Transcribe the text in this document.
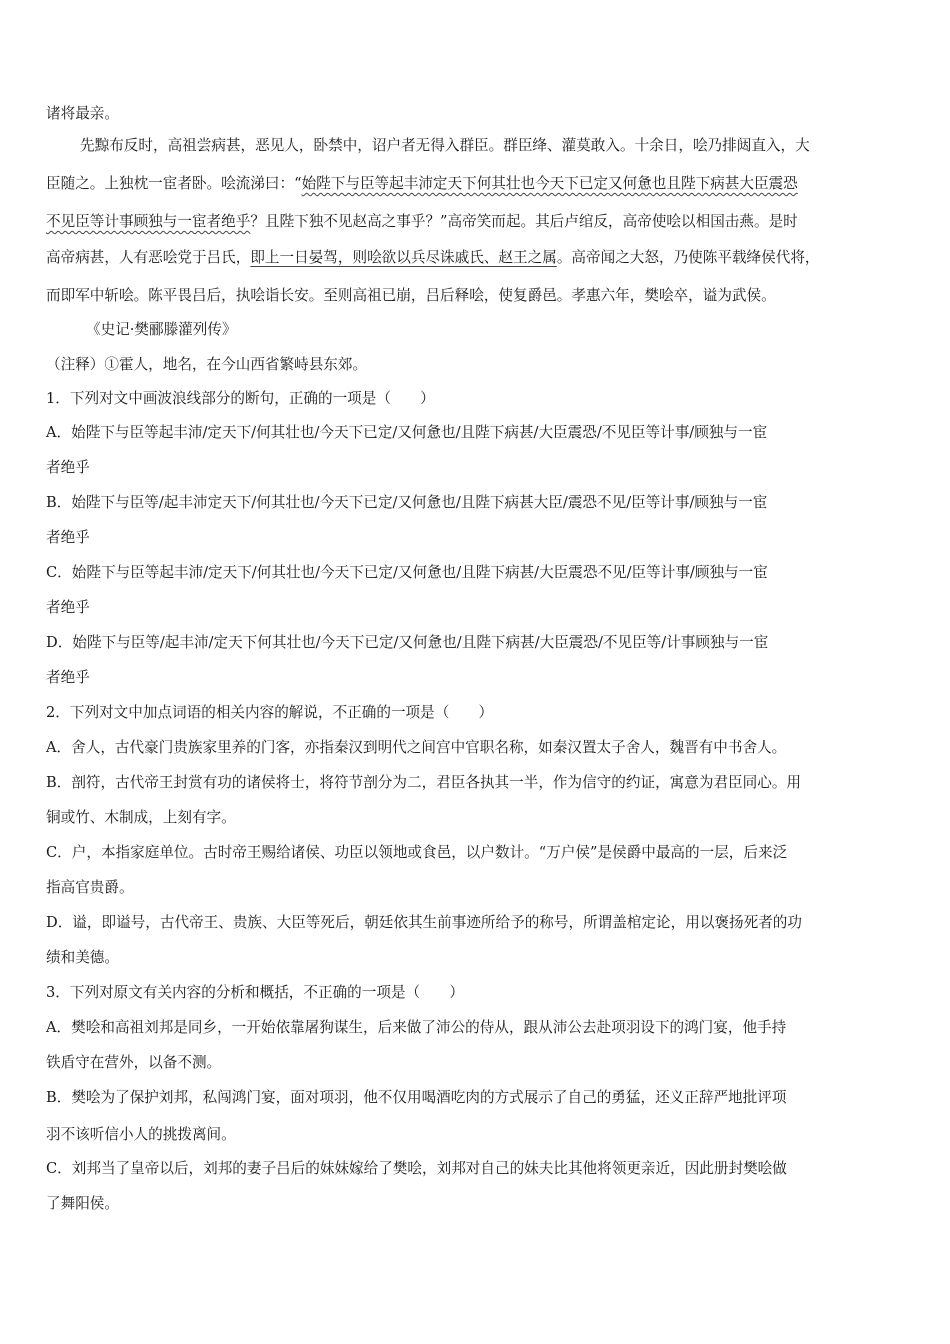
诸将最亲。
先黥布反时，高祖尝病甚，恶见人，卧禁中，诏户者无得入群臣。群臣绛、灌莫敢入。十余日，哙乃排闼直入，大
臣随之。上独枕一宦者卧。哙流涕曰：“始陛下与臣等起丰沛定天下何其壮也今天下已定又何惫也且陛下病甚大臣震恐
不见臣等计事顾独与一宦者绝乎？且陛下独不见赵高之事乎？”高帝笑而起。其后卢绾反，高帝使哙以相国击燕。是时
高帝病甚，人有恶哙党于吕氏，即上一日晏驾，则哙欲以兵尽诛戚氏、赵王之属。高帝闻之大怒，乃使陈平载绛侯代将，
而即军中斩哙。陈平畏吕后，执哙诣长安。至则高祖已崩，吕后释哙，使复爵邑。孝惠六年，樊哙卒，谥为武侯。
《史记·樊郦滕灌列传》
（注释）①霍人，地名，在今山西省繁峙县东郊。
1．下列对文中画波浪线部分的断句，正确的一项是（　　）
A．始陛下与臣等起丰沛/定天下/何其壮也/今天下已定/又何惫也/且陛下病甚/大臣震恐/不见臣等计事/顾独与一宦
者绝乎
B．始陛下与臣等/起丰沛定天下/何其壮也/今天下已定/又何惫也/且陛下病甚大臣/震恐不见/臣等计事/顾独与一宦
者绝乎
C．始陛下与臣等起丰沛/定天下/何其壮也/今天下已定/又何惫也/且陛下病甚/大臣震恐不见/臣等计事/顾独与一宦
者绝乎
D．始陛下与臣等/起丰沛/定天下何其壮也/今天下已定/又何惫也/且陛下病甚/大臣震恐/不见臣等/计事顾独与一宦
者绝乎
2．下列对文中加点词语的相关内容的解说，不正确的一项是（　　）
A．舍人，古代豪门贵族家里养的门客，亦指秦汉到明代之间宫中官职名称，如秦汉置太子舍人，魏晋有中书舍人。
B．剖符，古代帝王封赏有功的诸侯将士，将符节剖分为二，君臣各执其一半，作为信守的约证，寓意为君臣同心。用
铜或竹、木制成，上刻有字。
C．户，本指家庭单位。古时帝王赐给诸侯、功臣以领地或食邑，以户数计。“万户侯”是侯爵中最高的一层，后来泛
指高官贵爵。
D．谥，即谥号，古代帝王、贵族、大臣等死后，朝廷依其生前事迹所给予的称号，所谓盖棺定论，用以褒扬死者的功
绩和美德。
3．下列对原文有关内容的分析和概括，不正确的一项是（　　）
A．樊哙和高祖刘邦是同乡，一开始依靠屠狗谋生，后来做了沛公的侍从，跟从沛公去赴项羽设下的鸿门宴，他手持
铁盾守在营外，以备不测。
B．樊哙为了保护刘邦，私闯鸿门宴，面对项羽，他不仅用喝酒吃肉的方式展示了自己的勇猛，还义正辞严地批评项
羽不该听信小人的挑拨离间。
C．刘邦当了皇帝以后，刘邦的妻子吕后的妹妹嫁给了樊哙，刘邦对自己的妹夫比其他将领更亲近，因此册封樊哙做
了舞阳侯。
